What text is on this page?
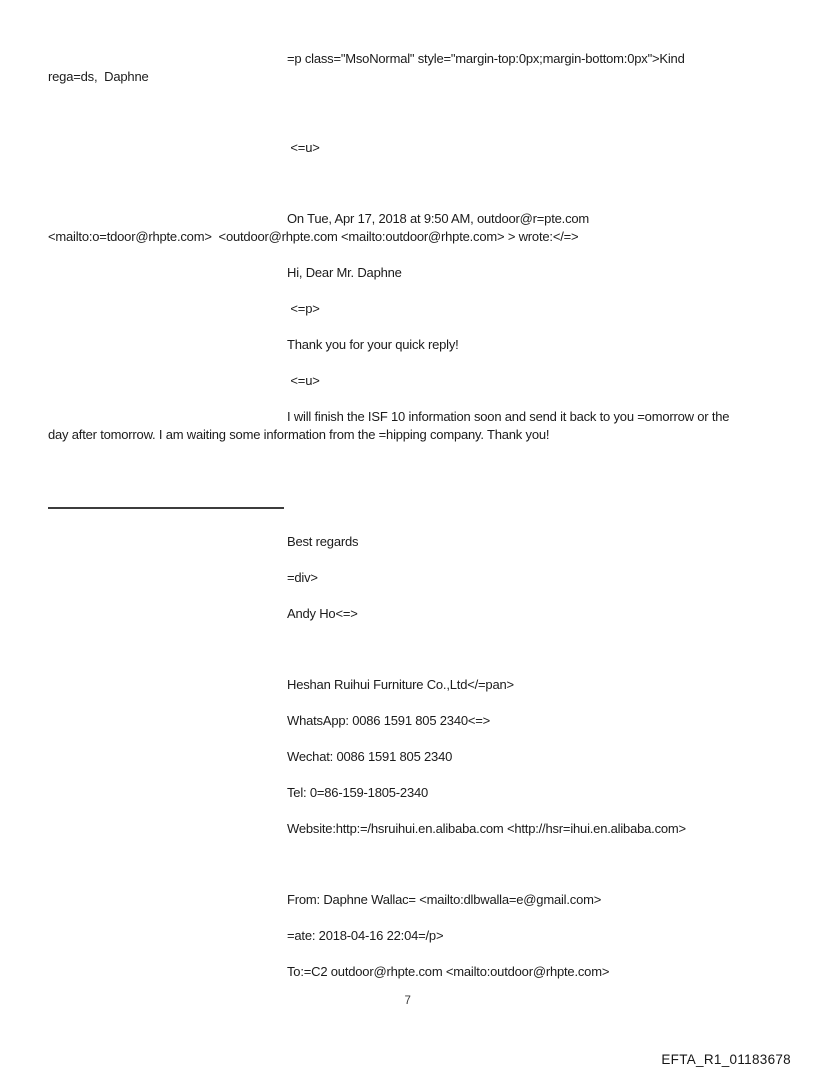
=p class="MsoNormal" style="margin-top:0px;margin-bottom:0px">Kind
rega=ds,  Daphne
<=u>
On Tue, Apr 17, 2018 at 9:50 AM, outdoor@r=pte.com
<mailto:o=tdoor@rhpte.com>  <outdoor@rhpte.com <mailto:outdoor@rhpte.com> > wrote:</=>
Hi, Dear Mr. Daphne
<=p>
Thank you for your quick reply!
<=u>
I will finish the ISF 10 information soon and send it back to you =omorrow or the
day after tomorrow. I am waiting some information from the =hipping company. Thank you!
Best regards
=div>
Andy Ho<=>
Heshan Ruihui Furniture Co.,Ltd</=pan>
WhatsApp: 0086 1591 805 2340<=>
Wechat: 0086 1591 805 2340
Tel: 0=86-159-1805-2340
Website:http:=/hsruihui.en.alibaba.com <http://hsr=ihui.en.alibaba.com>
From: Daphne Wallac= <mailto:dlbwalla=e@gmail.com>
=ate: 2018-04-16 22:04=/p>
To:=C2 outdoor@rhpte.com <mailto:outdoor@rhpte.com>
7
EFTA_R1_01183678
